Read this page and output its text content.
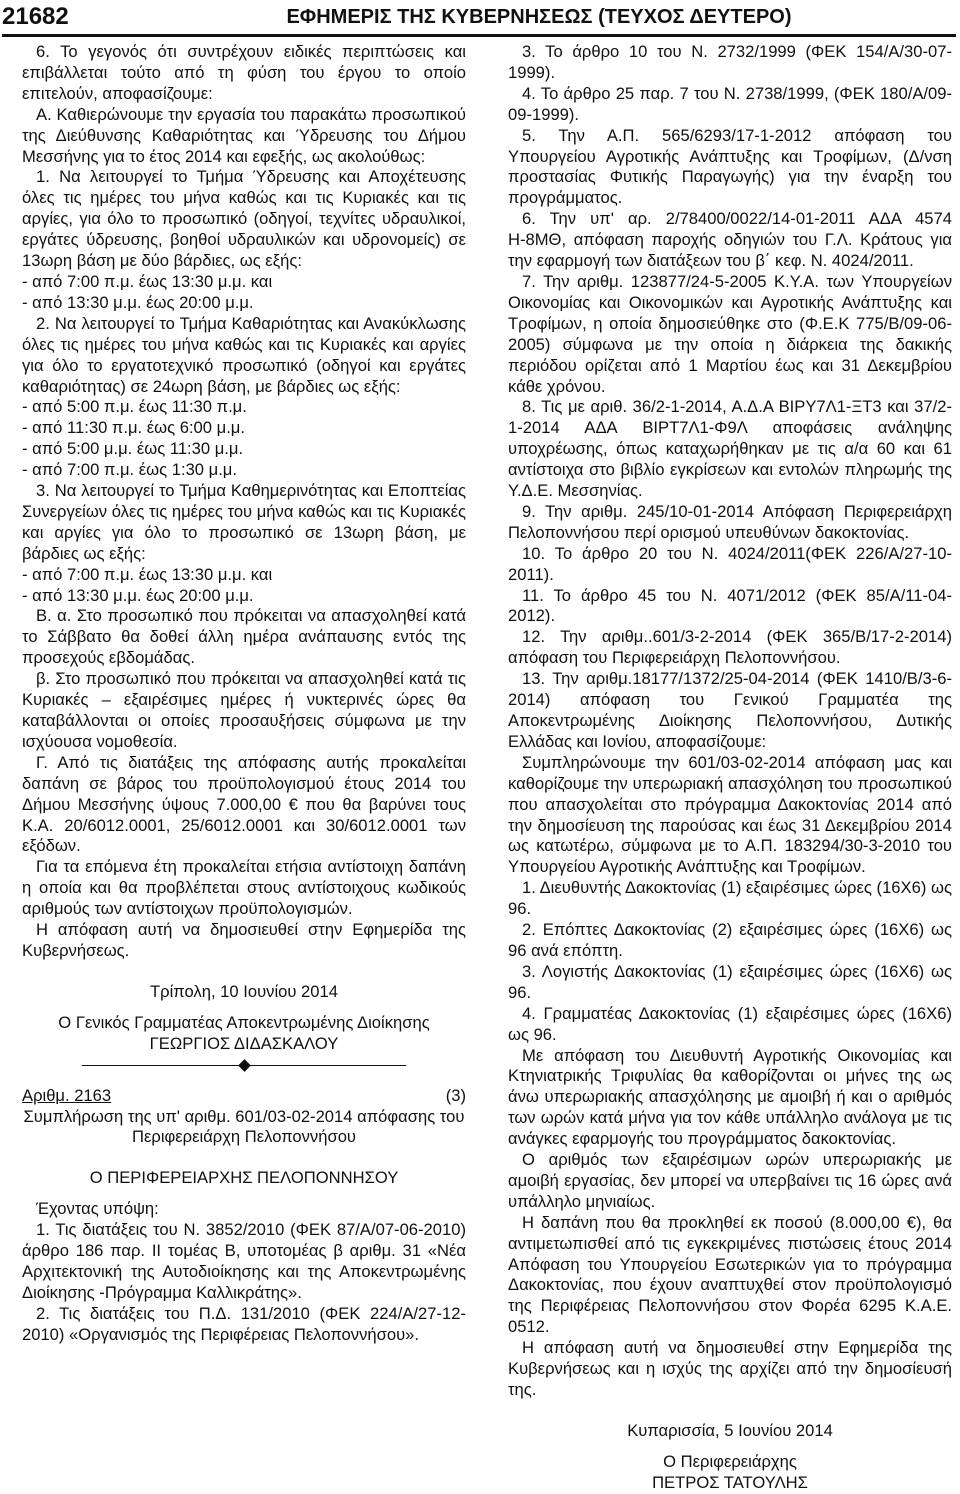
21682	ΕΦΗΜΕΡΙΣ ΤΗΣ ΚΥΒΕΡΝΗΣΕΩΣ (ΤΕΥΧΟΣ ΔΕΥΤΕΡΟ)

6. Το γεγονός ότι συντρέχουν ειδικές περιπτώσεις και επιβάλλεται τούτο από τη φύση του έργου το οποίο επιτελούν, αποφασίζουμε:

Α. Καθιερώνουμε την εργασία του παρακάτω προσωπικού της Διεύθυνσης Καθαριότητας και Ύδρευσης του Δήμου Μεσσήνης για το έτος 2014 και εφεξής, ως ακολούθως:

1. Να λειτουργεί το Τμήμα Ύδρευσης και Αποχέτευσης όλες τις ημέρες του μήνα καθώς και τις Κυριακές και τις αργίες, για όλο το προσωπικό (οδηγοί, τεχνίτες υδραυλικοί, εργάτες ύδρευσης, βοηθοί υδραυλικών και υδρονομείς) σε 13ωρη βάση με δύο βάρδιες, ως εξής:

- από 7:00 π.μ. έως 13:30 μ.μ. και

- από 13:30 μ.μ. έως 20:00 μ.μ.

2. Να λειτουργεί το Τμήμα Καθαριότητας και Ανακύκλωσης όλες τις ημέρες του μήνα καθώς και τις Κυριακές και αργίες για όλο το εργατοτεχνικό προσωπικό (οδηγοί και εργάτες καθαριότητας) σε 24ωρη βάση, με βάρδιες ως εξής:

- από 5:00 π.μ. έως 11:30 π.μ.

- από 11:30 π.μ. έως 6:00 μ.μ.

- από 5:00 μ.μ. έως 11:30 μ.μ.

- από 7:00 π.μ. έως 1:30 μ.μ.

3. Να λειτουργεί το Τμήμα Καθημερινότητας και Εποπτείας Συνεργείων όλες τις ημέρες του μήνα καθώς και τις Κυριακές και αργίες για όλο το προσωπικό σε 13ωρη βάση, με βάρδιες ως εξής:

- από 7:00 π.μ. έως 13:30 μ.μ. και

- από 13:30 μ.μ. έως 20:00 μ.μ.

Β. α. Στο προσωπικό που πρόκειται να απασχοληθεί κατά το Σάββατο θα δοθεί άλλη ημέρα ανάπαυσης εντός της προσεχούς εβδομάδας.

β. Στο προσωπικό που πρόκειται να απασχοληθεί κατά τις Κυριακές – εξαιρέσιμες ημέρες ή νυκτερινές ώρες θα καταβάλλονται οι οποίες προσαυξήσεις σύμφωνα με την ισχύουσα νομοθεσία.

Γ. Από τις διατάξεις της απόφασης αυτής προκαλείται δαπάνη σε βάρος του προϋπολογισμού έτους 2014 του Δήμου Μεσσήνης ύψους 7.000,00 € που θα βαρύνει τους Κ.Α. 20/6012.0001, 25/6012.0001 και 30/6012.0001 των εξόδων.

Για τα επόμενα έτη προκαλείται ετήσια αντίστοιχη δαπάνη η οποία και θα προβλέπεται στους αντίστοιχους κωδικούς αριθμούς των αντίστοιχων προϋπολογισμών.

Η απόφαση αυτή να δημοσιευθεί στην Εφημερίδα της Κυβερνήσεως.

Τρίπολη, 10 Ιουνίου 2014

Ο Γενικός Γραμματέας Αποκεντρωμένης Διοίκησης

ΓΕΩΡΓΙΟΣ ΔΙΔΑΣΚΑΛΟΥ

Αριθμ. 2163	(3)

Συμπλήρωση της υπ' αριθμ. 601/03-02-2014 απόφασης του Περιφερειάρχη Πελοποννήσου

Ο ΠΕΡΙΦΕΡΕΙΑΡΧΗΣ ΠΕΛΟΠΟΝΝΗΣΟΥ

Έχοντας υπόψη:

1. Τις διατάξεις του Ν. 3852/2010 (ΦΕΚ 87/Α/07-06-2010) άρθρο 186 παρ. ΙΙ τομέας Β, υποτομέας β αριθμ. 31 «Νέα Αρχιτεκτονική της Αυτοδιοίκησης και της Αποκεντρωμένης Διοίκησης -Πρόγραμμα Καλλικράτης».

2. Τις διατάξεις του Π.Δ. 131/2010 (ΦΕΚ 224/Α/27-12-2010) «Οργανισμός της Περιφέρειας Πελοποννήσου».

3. Το άρθρο 10 του Ν. 2732/1999 (ΦΕΚ 154/Α/30-07-1999).

4. Το άρθρο 25 παρ. 7 του Ν. 2738/1999, (ΦΕΚ 180/Α/09-09-1999).

5. Την Α.Π. 565/6293/17-1-2012 απόφαση του Υπουργείου Αγροτικής Ανάπτυξης και Τροφίμων, (Δ/νση προστασίας Φυτικής Παραγωγής) για την έναρξη του προγράμματος.

6. Την υπ' αρ. 2/78400/0022/14-01-2011 ΑΔΑ 4574 Η-8ΜΘ, απόφαση παροχής οδηγιών του Γ.Λ. Κράτους για την εφαρμογή των διατάξεων του β΄ κεφ. Ν. 4024/2011.

7. Την αριθμ. 123877/24-5-2005 Κ.Υ.Α. των Υπουργείων Οικονομίας και Οικονομικών και Αγροτικής Ανάπτυξης και Τροφίμων, η οποία δημοσιεύθηκε στο (Φ.Ε.Κ 775/Β/09-06-2005) σύμφωνα με την οποία η διάρκεια της δακικής περιόδου ορίζεται από 1 Μαρτίου έως και 31 Δεκεμβρίου κάθε χρόνου.

8. Τις με αριθ. 36/2-1-2014, Α.Δ.Α ΒΙΡΥ7Λ1-ΞΤ3 και 37/2-1-2014 ΑΔΑ ΒΙΡΤ7Λ1-Φ9Λ αποφάσεις ανάληψης υποχρέωσης, όπως καταχωρήθηκαν με τις α/α 60 και 61 αντίστοιχα στο βιβλίο εγκρίσεων και εντολών πληρωμής της Υ.Δ.Ε. Μεσσηνίας.

9. Την αριθμ. 245/10-01-2014 Απόφαση Περιφερειάρχη Πελοποννήσου περί ορισμού υπευθύνων δακοκτονίας.

10. Το άρθρο 20 του Ν. 4024/2011(ΦΕΚ 226/Α/27-10-2011).

11. Το άρθρο 45 του Ν. 4071/2012 (ΦΕΚ 85/Α/11-04-2012).

12. Την αριθμ..601/3-2-2014 (ΦΕΚ 365/Β/17-2-2014) απόφαση του Περιφερειάρχη Πελοποννήσου.

13. Την αριθμ.18177/1372/25-04-2014 (ΦΕΚ 1410/Β/3-6-2014) απόφαση του Γενικού Γραμματέα της Αποκεντρωμένης Διοίκησης Πελοποννήσου, Δυτικής Ελλάδας και Ιονίου, αποφασίζουμε:

Συμπληρώνουμε την 601/03-02-2014 απόφαση μας και καθορίζουμε την υπερωριακή απασχόληση του προσωπικού που απασχολείται στο πρόγραμμα Δακοκτονίας 2014 από την δημοσίευση της παρούσας και έως 31 Δεκεμβρίου 2014 ως κατωτέρω, σύμφωνα με το Α.Π. 183294/30-3-2010 του Υπουργείου Αγροτικής Ανάπτυξης και Τροφίμων.

1. Διευθυντής Δακοκτονίας (1) εξαιρέσιμες ώρες (16Χ6) ως 96.

2. Επόπτες Δακοκτονίας (2) εξαιρέσιμες ώρες (16Χ6) ως 96 ανά επόπτη.

3. Λογιστής Δακοκτονίας (1) εξαιρέσιμες ώρες (16Χ6) ως 96.

4. Γραμματέας Δακοκτονίας (1) εξαιρέσιμες ώρες (16Χ6) ως 96.

Με απόφαση του Διευθυντή Αγροτικής Οικονομίας και Κτηνιατρικής Τριφυλίας θα καθορίζονται οι μήνες της ως άνω υπερωριακής απασχόλησης με αμοιβή ή και ο αριθμός των ωρών κατά μήνα για τον κάθε υπάλληλο ανάλογα με τις ανάγκες εφαρμογής του προγράμματος δακοκτονίας.

Ο αριθμός των εξαιρέσιμων ωρών υπερωριακής με αμοιβή εργασίας, δεν μπορεί να υπερβαίνει τις 16 ώρες ανά υπάλληλο μηνιαίως.

Η δαπάνη που θα προκληθεί εκ ποσού (8.000,00 €), θα αντιμετωπισθεί από τις εγκεκριμένες πιστώσεις έτους 2014 Απόφαση του Υπουργείου Εσωτερικών για το πρόγραμμα Δακοκτονίας, που έχουν αναπτυχθεί στον προϋπολογισμό της Περιφέρειας Πελοποννήσου στον Φορέα 6295 Κ.Α.Ε. 0512.

Η απόφαση αυτή να δημοσιευθεί στην Εφημερίδα της Κυβερνήσεως και η ισχύς της αρχίζει από την δημοσίευσή της.

Κυπαρισσία, 5 Ιουνίου 2014

Ο Περιφερειάρχης

ΠΕΤΡΟΣ ΤΑΤΟΥΛΗΣ
